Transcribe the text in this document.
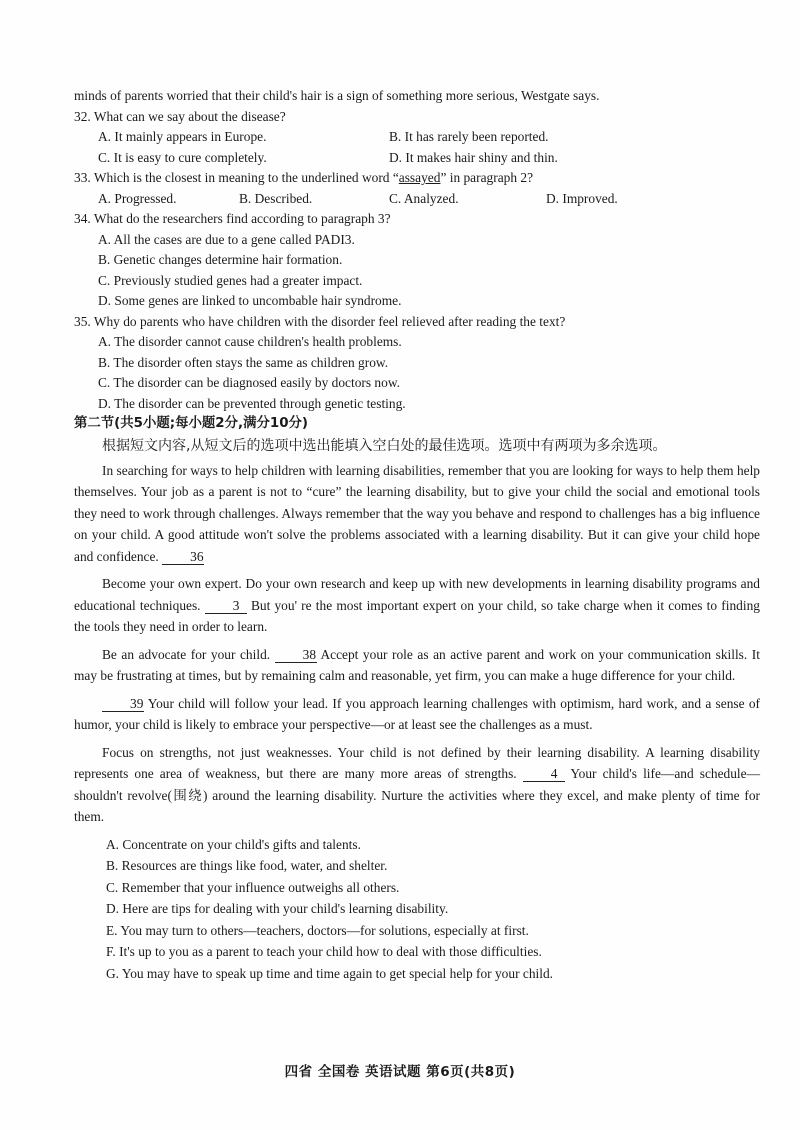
minds of parents worried that their child's hair is a sign of something more serious, Westgate says.
32. What can we say about the disease?
A. It mainly appears in Europe.	B. It has rarely been reported.
C. It is easy to cure completely.	D. It makes hair shiny and thin.
33. Which is the closest in meaning to the underlined word “assayed” in paragraph 2?
A. Progressed.	B. Described.	C. Analyzed.	D. Improved.
34. What do the researchers find according to paragraph 3?
A. All the cases are due to a gene called PADI3.
B. Genetic changes determine hair formation.
C. Previously studied genes had a greater impact.
D. Some genes are linked to uncombable hair syndrome.
35. Why do parents who have children with the disorder feel relieved after reading the text?
A. The disorder cannot cause children's health problems.
B. The disorder often stays the same as children grow.
C. The disorder can be diagnosed easily by doctors now.
D. The disorder can be prevented through genetic testing.
第二节(共5小题;每小题2分,满分10分)
根据短文内容,从短文后的选项中选出能填入空白处的最佳选项。选项中有两项为多余选项。
In searching for ways to help children with learning disabilities, remember that you are looking for ways to help them help themselves. Your job as a parent is not to “cure” the learning disability, but to give your child the social and emotional tools they need to work through challenges. Always remember that the way you behave and respond to challenges has a big influence on your child. A good attitude won't solve the problems associated with a learning disability. But it can give your child hope and confidence. 36
Become your own expert. Do your own research and keep up with new developments in learning disability programs and educational techniques. 3 But you' re the most important expert on your child, so take charge when it comes to finding the tools they need in order to learn.
Be an advocate for your child. 38 Accept your role as an active parent and work on your communication skills. It may be frustrating at times, but by remaining calm and reasonable, yet firm, you can make a huge difference for your child.
39 Your child will follow your lead. If you approach learning challenges with optimism, hard work, and a sense of humor, your child is likely to embrace your perspective—or at least see the challenges as a must.
Focus on strengths, not just weaknesses. Your child is not defined by their learning disability. A learning disability represents one area of weakness, but there are many more areas of strengths.	4 Your child's life—and schedule—shouldn't revolve(围绕) around the learning disability. Nurture the activities where they excel, and make plenty of time for them.
A. Concentrate on your child's gifts and talents.
B. Resources are things like food, water, and shelter.
C. Remember that your influence outweighs all others.
D. Here are tips for dealing with your child's learning disability.
E. You may turn to others—teachers, doctors—for solutions, especially at first.
F. It's up to you as a parent to teach your child how to deal with those difficulties.
G. You may have to speak up time and time again to get special help for your child.
四省 全国卷 英语试题 第6页(共8页)
